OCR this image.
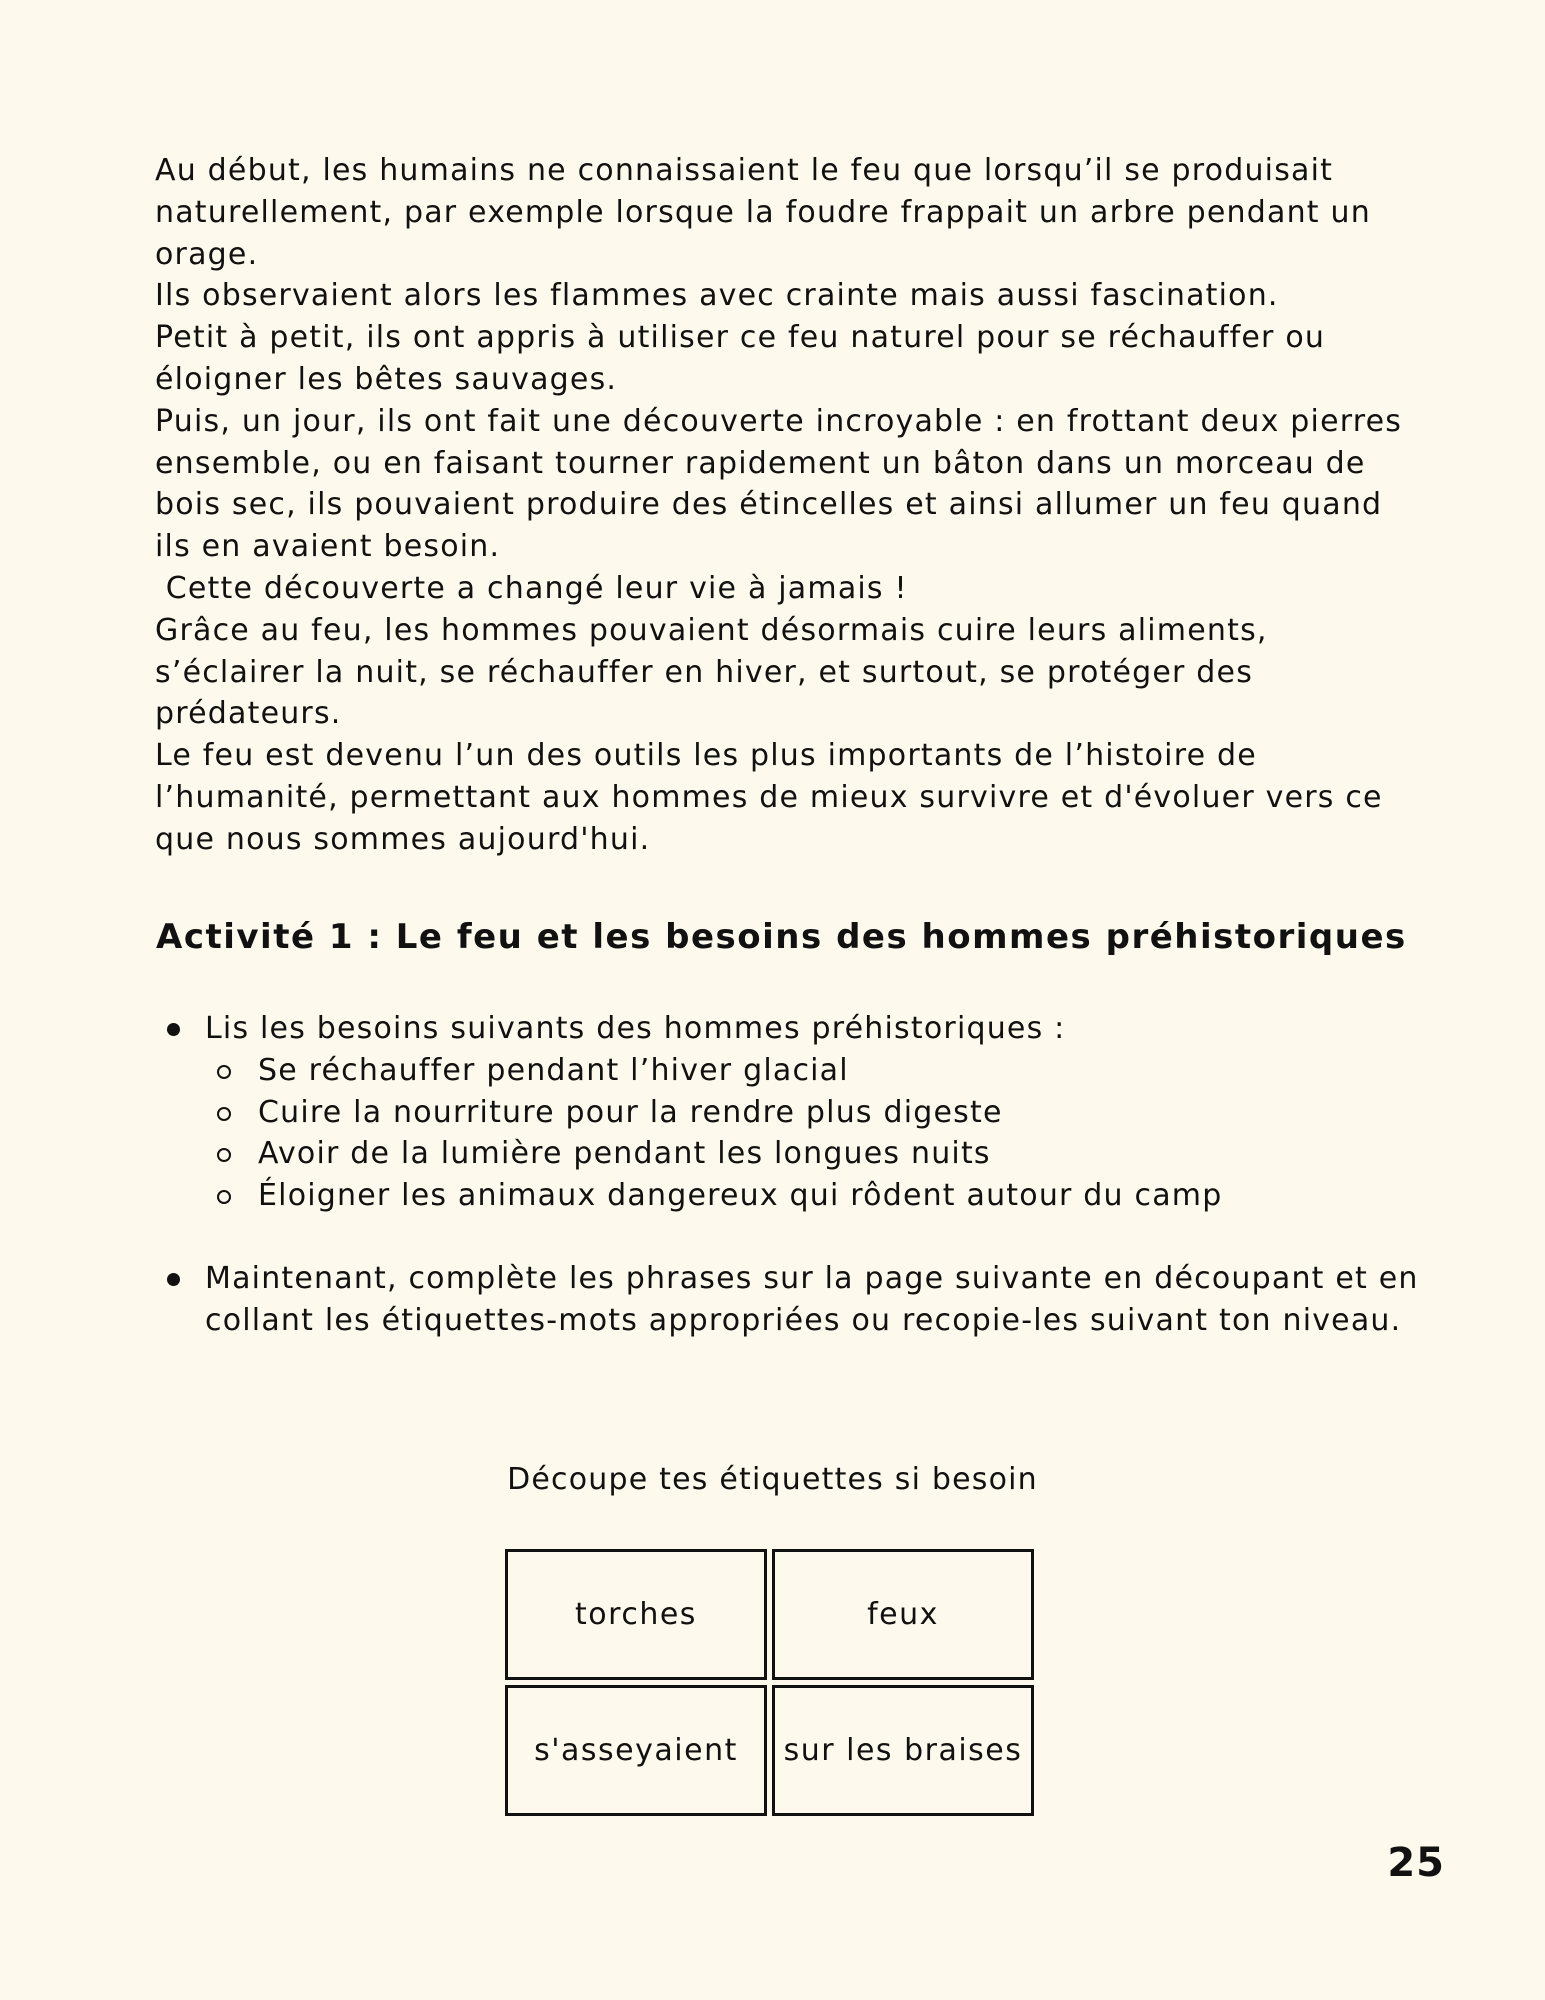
Au début, les humains ne connaissaient le feu que lorsqu’il se produisait naturellement, par exemple lorsque la foudre frappait un arbre pendant un orage.

Ils observaient alors les flammes avec crainte mais aussi fascination.

Petit à petit, ils ont appris à utiliser ce feu naturel pour se réchauffer ou éloigner les bêtes sauvages.

Puis, un jour, ils ont fait une découverte incroyable : en frottant deux pierres ensemble, ou en faisant tourner rapidement un bâton dans un morceau de bois sec, ils pouvaient produire des étincelles et ainsi allumer un feu quand ils en avaient besoin.

Cette découverte a changé leur vie à jamais !

Grâce au feu, les hommes pouvaient désormais cuire leurs aliments, s’éclairer la nuit, se réchauffer en hiver, et surtout, se protéger des prédateurs.

Le feu est devenu l’un des outils les plus importants de l’histoire de l’humanité, permettant aux hommes de mieux survivre et d'évoluer vers ce que nous sommes aujourd'hui.

Activité 1 : Le feu et les besoins des hommes préhistoriques
Lis les besoins suivants des hommes préhistoriques :
Se réchauffer pendant l’hiver glacial
Cuire la nourriture pour la rendre plus digeste
Avoir de la lumière pendant les longues nuits
Éloigner les animaux dangereux qui rôdent autour du camp
Maintenant, complète les phrases sur la page suivante en découpant et en collant les étiquettes-mots appropriées ou recopie-les suivant ton niveau.
Découpe tes étiquettes si besoin
torches	feux
s'asseyaient	sur les braises
25
